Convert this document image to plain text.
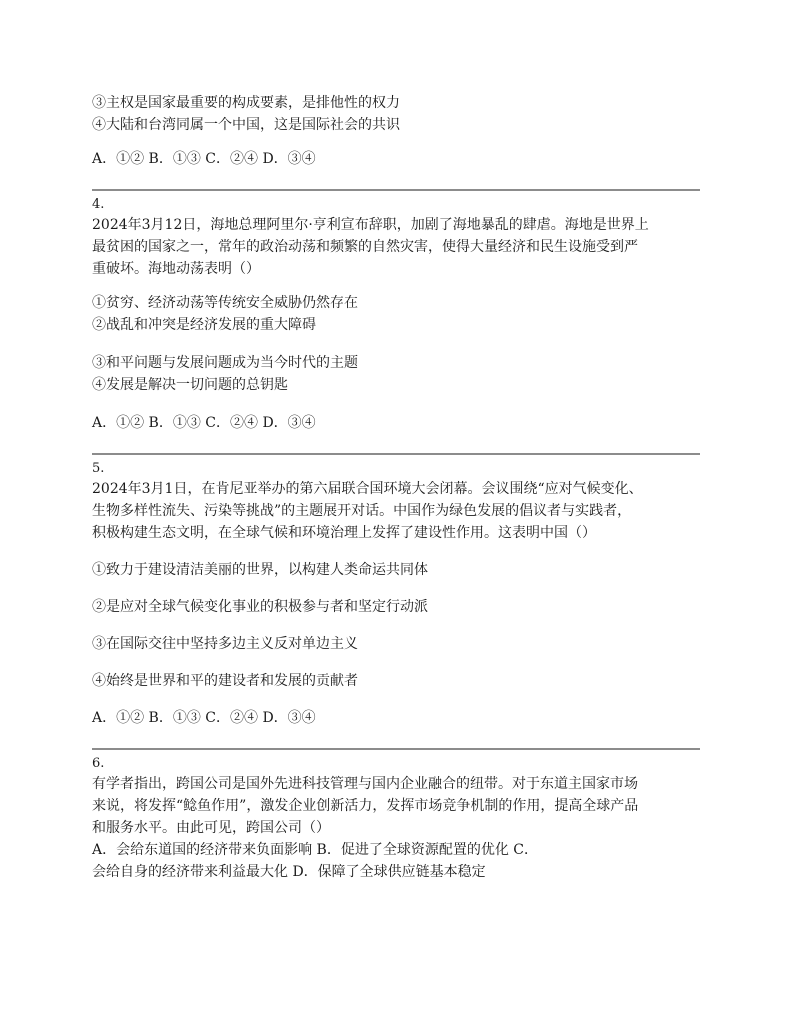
③主权是国家最重要的构成要素，是排他性的权力
④大陆和台湾同属一个中国，这是国际社会的共识
A．①② B．①③ C．②④ D．③④
4.
2024年3月12日，海地总理阿里尔·亨利宣布辞职，加剧了海地暴乱的肆虐。海地是世界上
最贫困的国家之一，常年的政治动荡和频繁的自然灾害，使得大量经济和民生设施受到严
重破坏。海地动荡表明（）
①贫穷、经济动荡等传统安全威胁仍然存在
②战乱和冲突是经济发展的重大障碍
③和平问题与发展问题成为当今时代的主题
④发展是解决一切问题的总钥匙
A．①② B．①③ C．②④ D．③④
5.
2024年3月1日，在肯尼亚举办的第六届联合国环境大会闭幕。会议围绕“应对气候变化、
生物多样性流失、污染等挑战”的主题展开对话。中国作为绿色发展的倡议者与实践者，
积极构建生态文明，在全球气候和环境治理上发挥了建设性作用。这表明中国（）
①致力于建设清洁美丽的世界，以构建人类命运共同体
②是应对全球气候变化事业的积极参与者和坚定行动派
③在国际交往中坚持多边主义反对单边主义
④始终是世界和平的建设者和发展的贡献者
A．①② B．①③ C．②④ D．③④
6.
有学者指出，跨国公司是国外先进科技管理与国内企业融合的纽带。对于东道主国家市场
来说，将发挥“鲶鱼作用”，激发企业创新活力，发挥市场竞争机制的作用，提高全球产品
和服务水平。由此可见，跨国公司（）
A．会给东道国的经济带来负面影响 B．促进了全球资源配置的优化 C．
会给自身的经济带来利益最大化 D．保障了全球供应链基本稳定
